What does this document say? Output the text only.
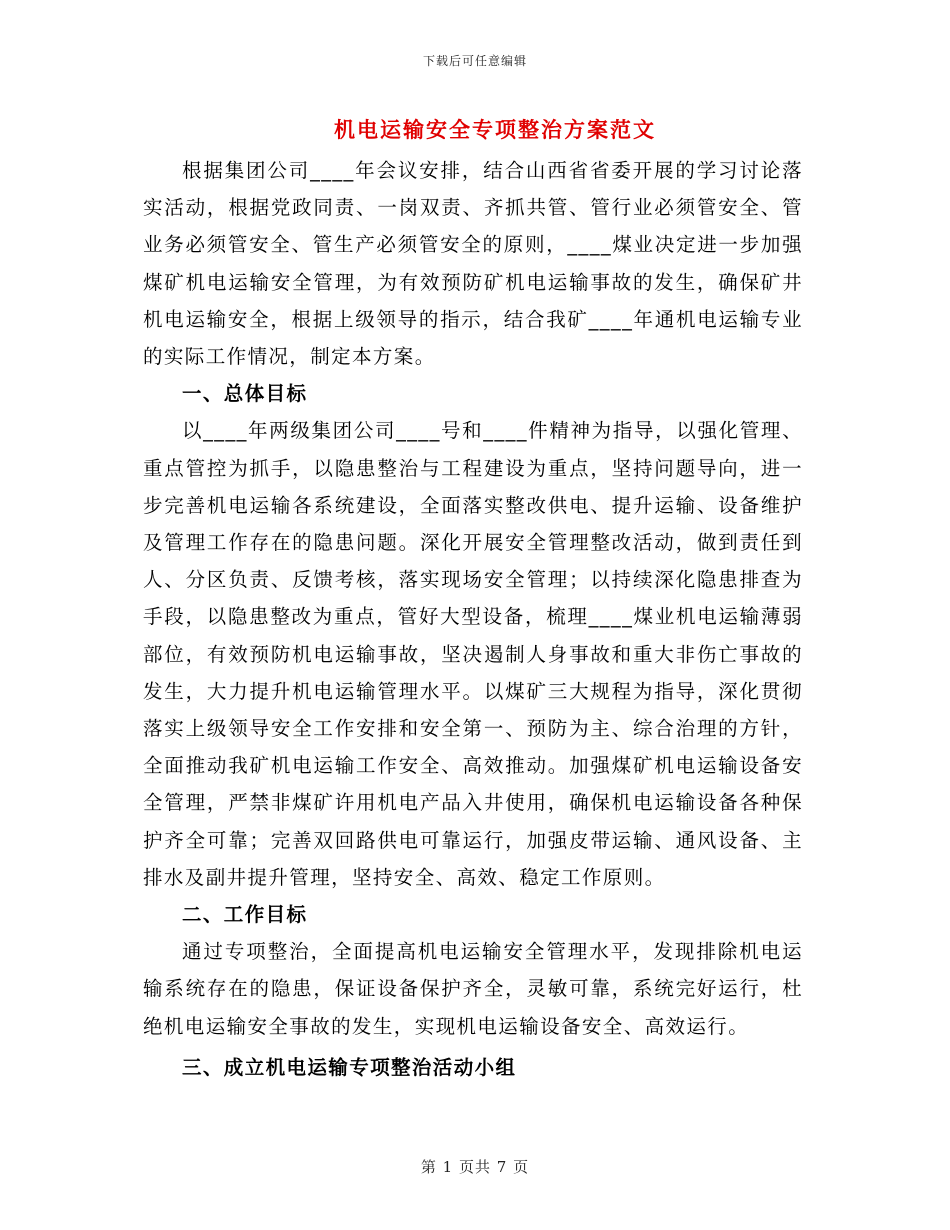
下载后可任意编辑
机电运输安全专项整治方案范文

根据集团公司____年会议安排，结合山西省省委开展的学习讨论落实活动，根据党政同责、一岗双责、齐抓共管、管行业必须管安全、管业务必须管安全、管生产必须管安全的原则，____煤业决定进一步加强煤矿机电运输安全管理，为有效预防矿机电运输事故的发生，确保矿井机电运输安全，根据上级领导的指示，结合我矿____年通机电运输专业的实际工作情况，制定本方案。

一、总体目标

以____年两级集团公司____号和____件精神为指导，以强化管理、重点管控为抓手，以隐患整治与工程建设为重点，坚持问题导向，进一步完善机电运输各系统建设，全面落实整改供电、提升运输、设备维护及管理工作存在的隐患问题。深化开展安全管理整改活动，做到责任到人、分区负责、反馈考核，落实现场安全管理；以持续深化隐患排查为手段，以隐患整改为重点，管好大型设备，梳理____煤业机电运输薄弱部位，有效预防机电运输事故，坚决遏制人身事故和重大非伤亡事故的发生，大力提升机电运输管理水平。以煤矿三大规程为指导，深化贯彻落实上级领导安全工作安排和安全第一、预防为主、综合治理的方针，全面推动我矿机电运输工作安全、高效推动。加强煤矿机电运输设备安全管理，严禁非煤矿许用机电产品入井使用，确保机电运输设备各种保护齐全可靠；完善双回路供电可靠运行，加强皮带运输、通风设备、主排水及副井提升管理，坚持安全、高效、稳定工作原则。

二、工作目标

通过专项整治，全面提高机电运输安全管理水平，发现排除机电运输系统存在的隐患，保证设备保护齐全，灵敏可靠，系统完好运行，杜绝机电运输安全事故的发生，实现机电运输设备安全、高效运行。

三、成立机电运输专项整治活动小组
第 1 页共 7 页
